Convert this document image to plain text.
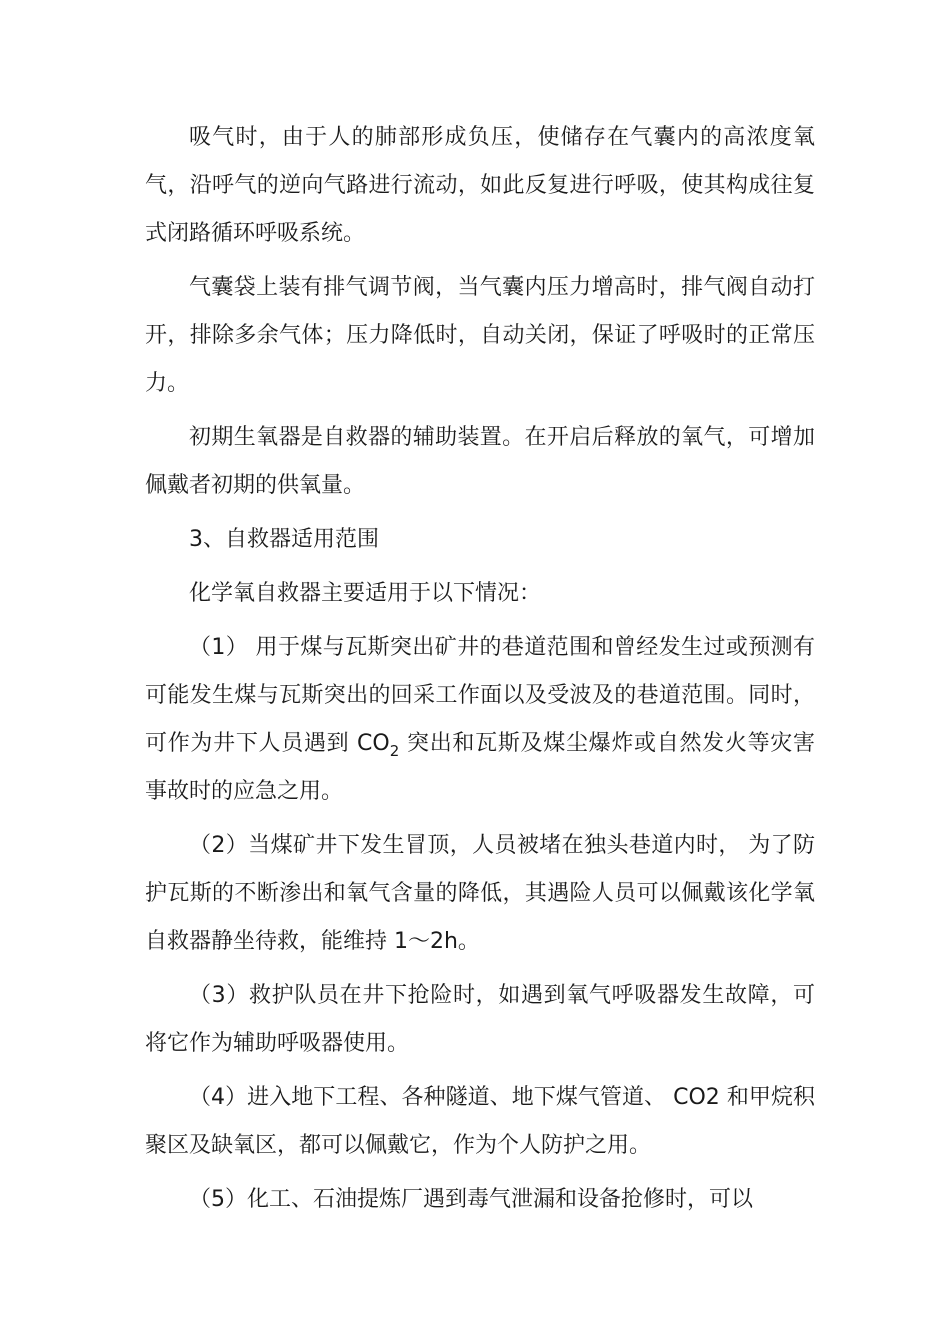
吸气时，由于人的肺部形成负压，使储存在气囊内的高浓度氧气，沿呼气的逆向气路进行流动，如此反复进行呼吸，使其构成往复式闭路循环呼吸系统。

气囊袋上装有排气调节阀，当气囊内压力增高时，排气阀自动打开，排除多余气体；压力降低时，自动关闭，保证了呼吸时的正常压力。

初期生氧器是自救器的辅助装置。在开启后释放的氧气，可增加佩戴者初期的供氧量。

3、自救器适用范围

化学氧自救器主要适用于以下情况：

（1） 用于煤与瓦斯突出矿井的巷道范围和曾经发生过或预测有可能发生煤与瓦斯突出的回采工作面以及受波及的巷道范围。同时，可作为井下人员遇到 $CO_2$ 突出和瓦斯及煤尘爆炸或自然发火等灾害事故时的应急之用。

（2）当煤矿井下发生冒顶，人员被堵在独头巷道内时， 为了防护瓦斯的不断渗出和氧气含量的降低，其遇险人员可以佩戴该化学氧自救器静坐待救，能维持 1～2h。

（3）救护队员在井下抢险时，如遇到氧气呼吸器发生故障，可将它作为辅助呼吸器使用。

（4）进入地下工程、各种隧道、地下煤气管道、 CO2 和甲烷积聚区及缺氧区，都可以佩戴它，作为个人防护之用。

（5）化工、石油提炼厂遇到毒气泄漏和设备抢修时，可以
